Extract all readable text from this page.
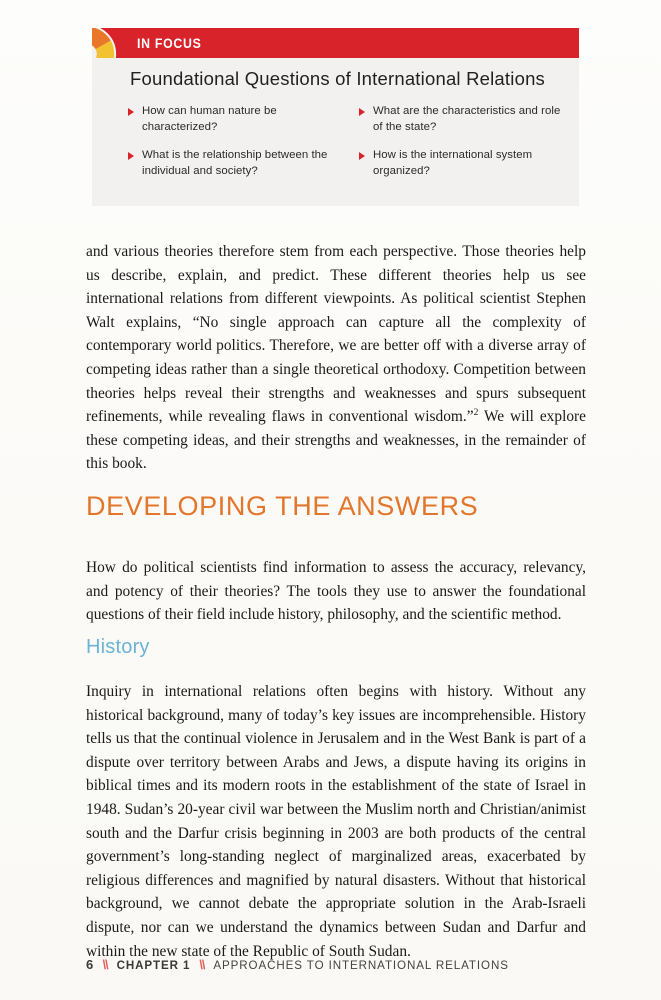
IN FOCUS
Foundational Questions of International Relations
How can human nature be characterized?
What is the relationship between the individual and society?
What are the characteristics and role of the state?
How is the international system organized?

and various theories therefore stem from each perspective. Those theories help us describe, explain, and predict. These different theories help us see international relations from different viewpoints. As political scientist Stephen Walt explains, “No single approach can capture all the complexity of contemporary world politics. Therefore, we are better off with a diverse array of competing ideas rather than a single theoretical orthodoxy. Competition between theories helps reveal their strengths and weaknesses and spurs subsequent refinements, while revealing flaws in conventional wisdom.”$^2$ We will explore these competing ideas, and their strengths and weaknesses, in the remainder of this book.

DEVELOPING THE ANSWERS

How do political scientists find information to assess the accuracy, relevancy, and potency of their theories? The tools they use to answer the foundational questions of their field include history, philosophy, and the scientific method.

History

Inquiry in international relations often begins with history. Without any historical background, many of today’s key issues are incomprehensible. History tells us that the continual violence in Jerusalem and in the West Bank is part of a dispute over territory between Arabs and Jews, a dispute having its origins in biblical times and its modern roots in the establishment of the state of Israel in 1948. Sudan’s 20-year civil war between the Muslim north and Christian/animist south and the Darfur crisis beginning in 2003 are both products of the central government’s long-standing neglect of marginalized areas, exacerbated by religious differences and magnified by natural disasters. Without that historical background, we cannot debate the appropriate solution in the Arab-Israeli dispute, nor can we understand the dynamics between Sudan and Darfur and within the new state of the Republic of South Sudan.

6 \\ CHAPTER 1 \\ APPROACHES TO INTERNATIONAL RELATIONS
